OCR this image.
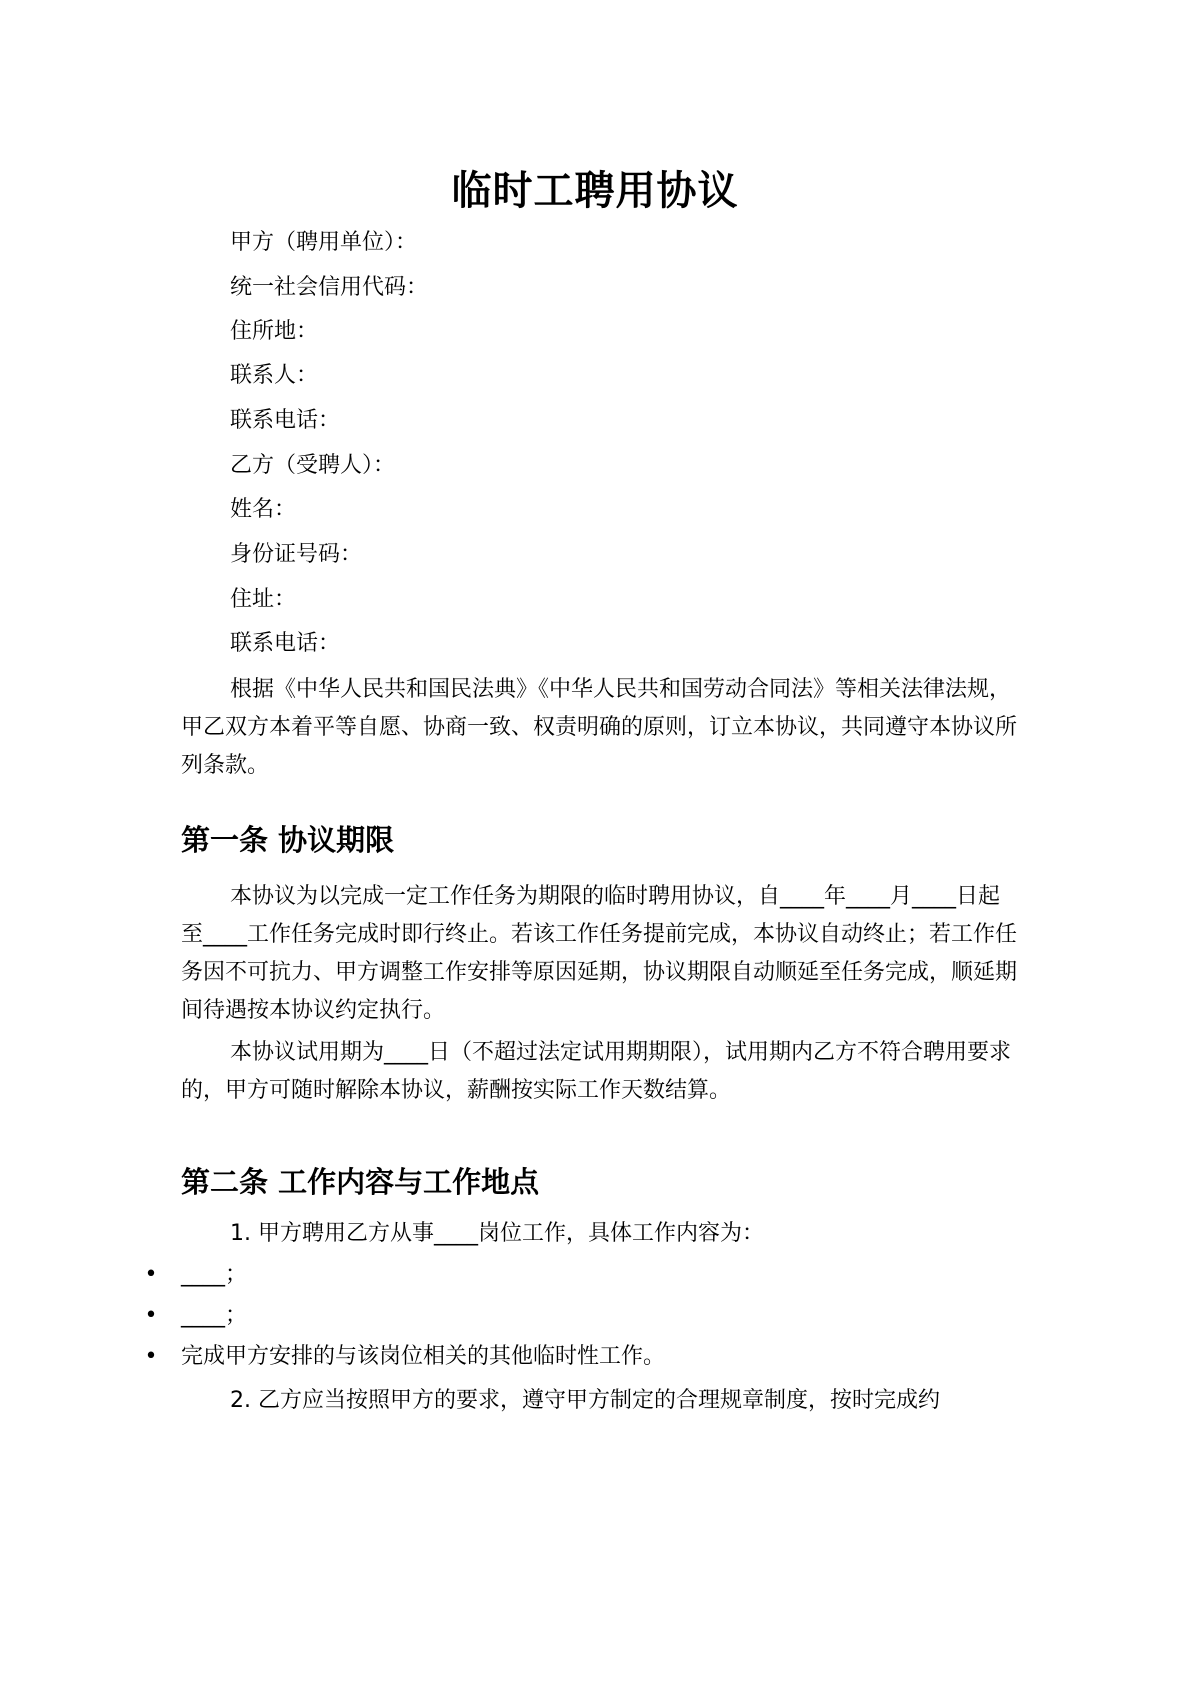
临时工聘用协议
甲方（聘用单位）：
统一社会信用代码：
住所地：
联系人：
联系电话：
乙方（受聘人）：
姓名：
身份证号码：
住址：
联系电话：

根据《中华人民共和国民法典》《中华人民共和国劳动合同法》等相关法律法规，甲乙双方本着平等自愿、协商一致、权责明确的原则，订立本协议，共同遵守本协议所列条款。

第一条 协议期限

本协议为以完成一定工作任务为期限的临时聘用协议，自____年____月____日起至____工作任务完成时即行终止。若该工作任务提前完成，本协议自动终止；若工作任务因不可抗力、甲方调整工作安排等原因延期，协议期限自动顺延至任务完成，顺延期间待遇按本协议约定执行。

本协议试用期为____日（不超过法定试用期期限），试用期内乙方不符合聘用要求的，甲方可随时解除本协议，薪酬按实际工作天数结算。

第二条 工作内容与工作地点
1. 甲方聘用乙方从事____岗位工作，具体工作内容为：
• ____；
• ____；
• 完成甲方安排的与该岗位相关的其他临时性工作。
2. 乙方应当按照甲方的要求，遵守甲方制定的合理规章制度，按时完成约
